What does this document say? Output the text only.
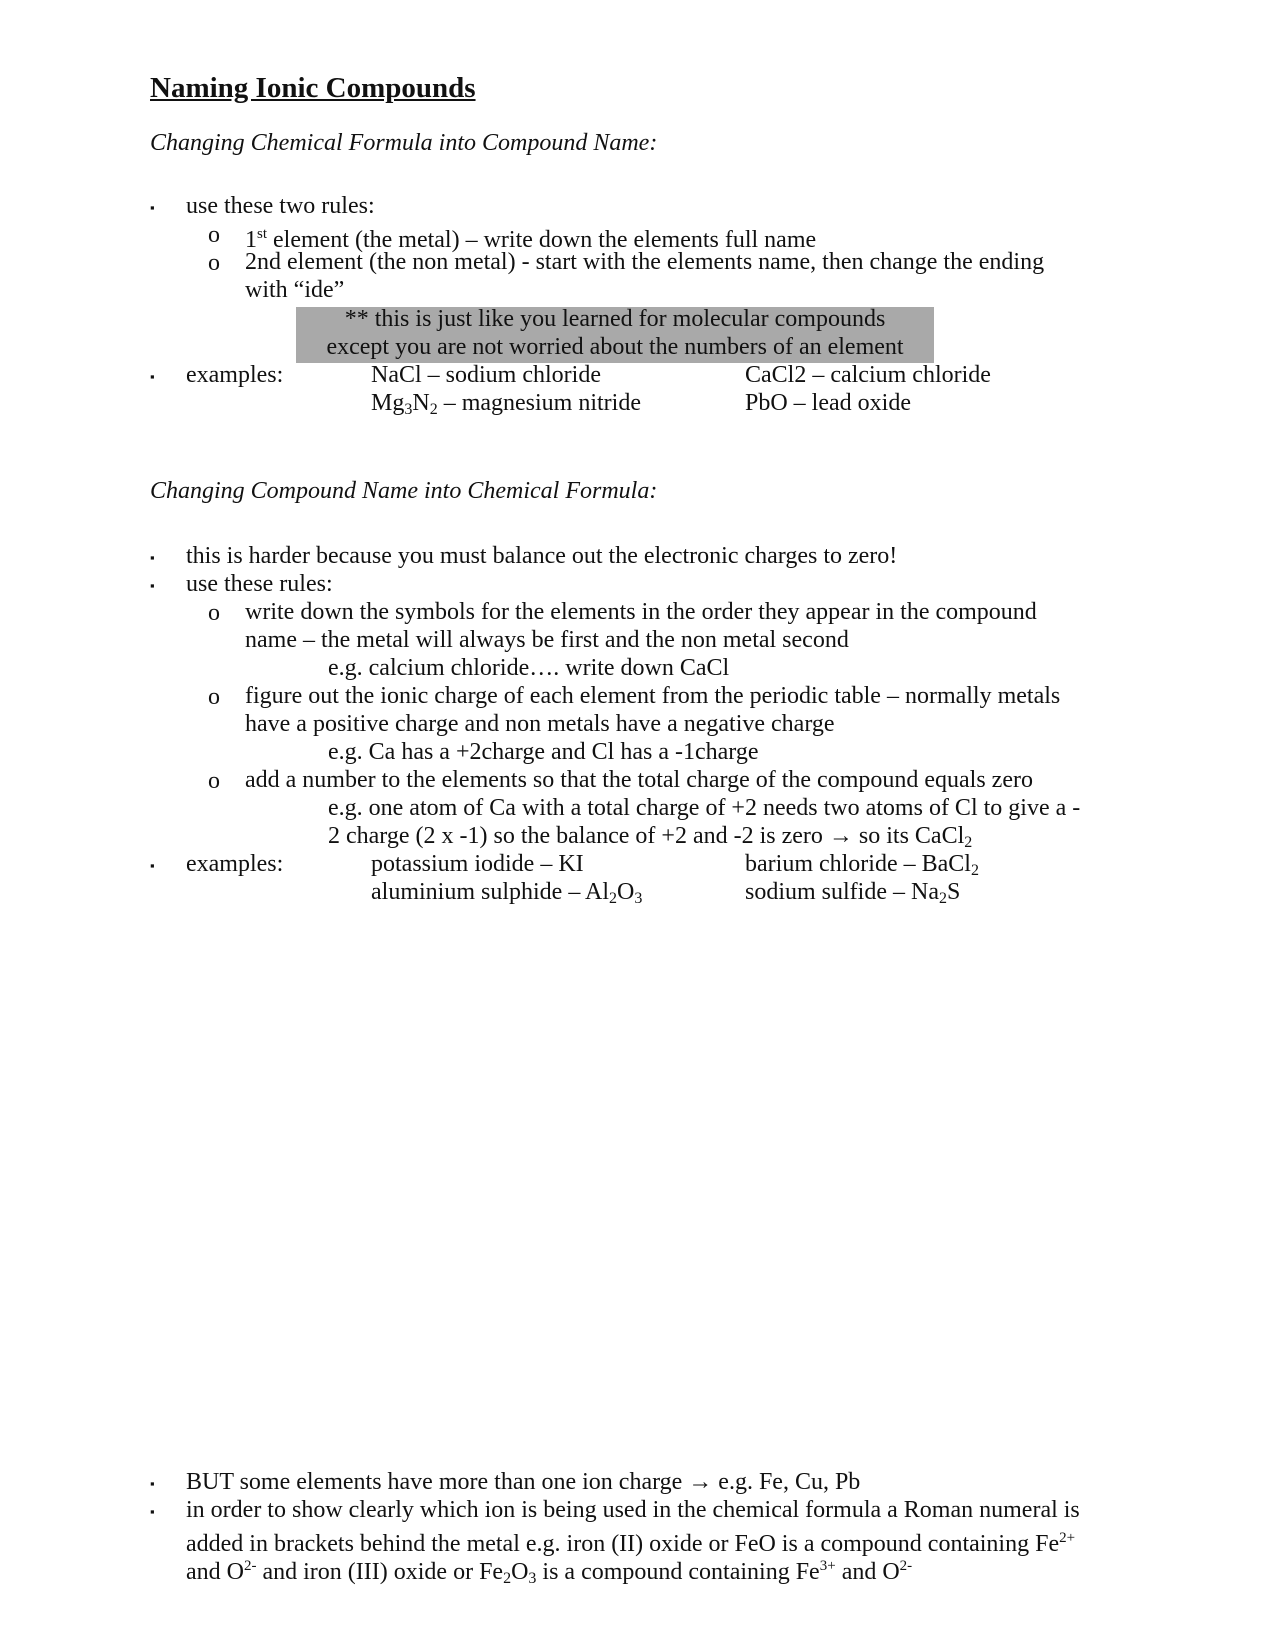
Naming Ionic Compounds
Changing Chemical Formula into Compound Name:
▪ use these two rules:
o 1st element (the metal) – write down the elements full name
o 2nd element (the non metal) - start with the elements name, then change the ending
with “ide”
** this is just like you learned for molecular compounds
except you are not worried about the numbers of an element
▪ examples:	NaCl – sodium chloride	CaCl2 – calcium chloride
$Mg_3N_2$ – magnesium nitride	PbO – lead oxide
Changing Compound Name into Chemical Formula:
▪ this is harder because you must balance out the electronic charges to zero!
▪ use these rules:
o write down the symbols for the elements in the order they appear in the compound
name – the metal will always be first and the non metal second
e.g. calcium chloride…. write down CaCl
o figure out the ionic charge of each element from the periodic table – normally metals
have a positive charge and non metals have a negative charge
e.g. Ca has a +2charge and Cl has a -1charge
o add a number to the elements so that the total charge of the compound equals zero
e.g. one atom of Ca with a total charge of +2 needs two atoms of Cl to give a -
2 charge (2 x -1) so the balance of +2 and -2 is zero → so its CaCl$_2$
▪ examples:	potassium iodide – KI	barium chloride – BaCl$_2$
aluminium sulphide – $Al_2O_3$	sodium sulfide – $Na_2S$
▪ BUT some elements have more than one ion charge → e.g. Fe, Cu, Pb
▪ in order to show clearly which ion is being used in the chemical formula a Roman numeral is
added in brackets behind the metal e.g. iron (II) oxide or FeO is a compound containing $Fe^{2+}$
and $O^{2-}$ and iron (III) oxide or $Fe_2O_3$ is a compound containing $Fe^{3+}$ and $O^{2-}$
